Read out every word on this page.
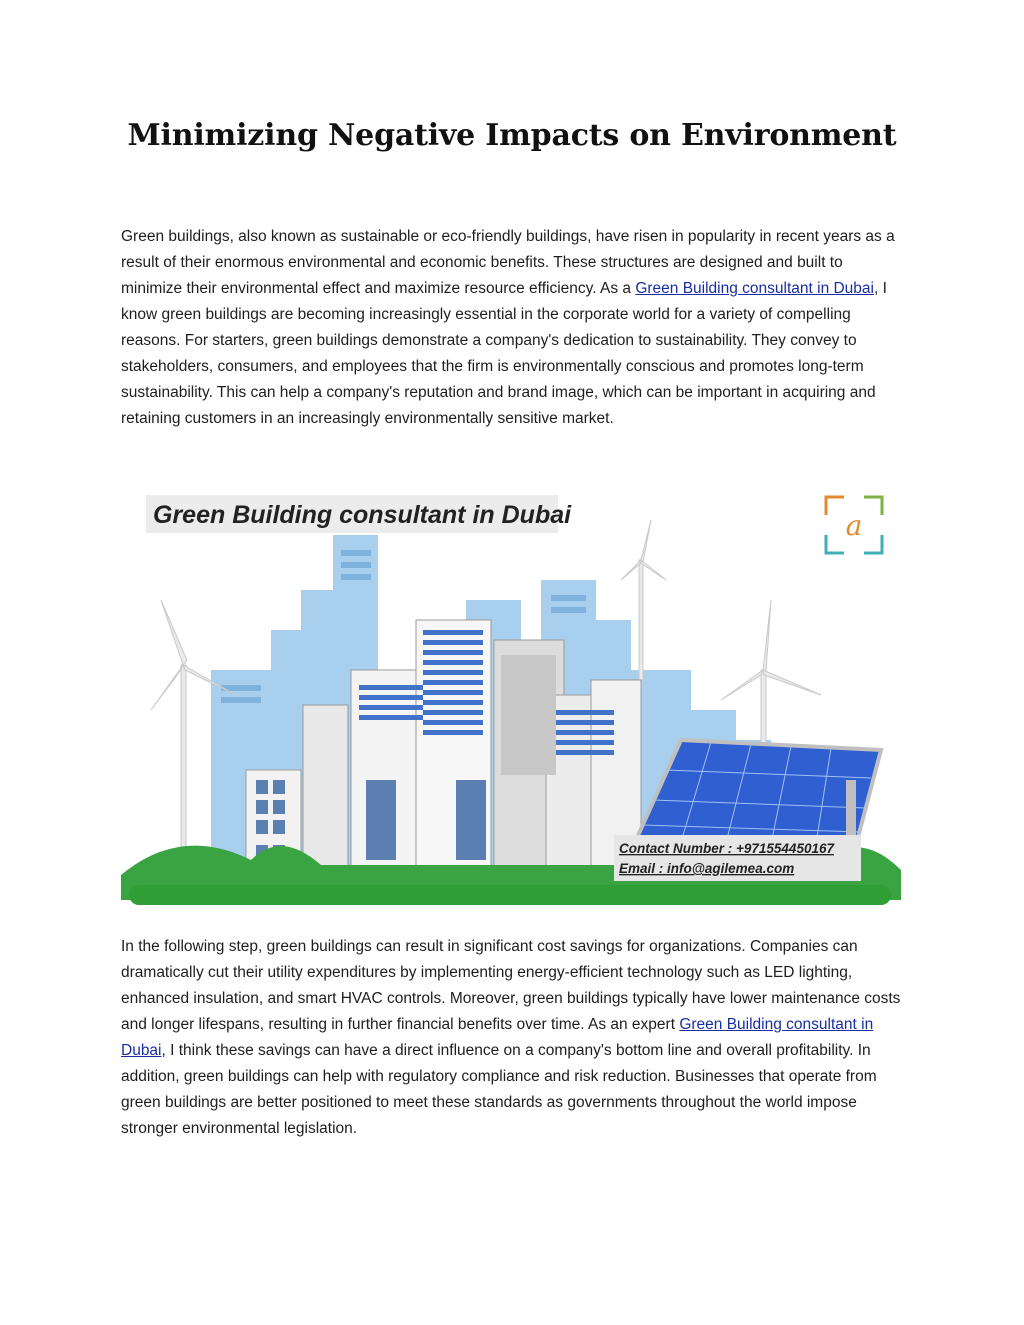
Minimizing Negative Impacts on Environment

Green buildings, also known as sustainable or eco-friendly buildings, have risen in popularity in recent years as a result of their enormous environmental and economic benefits. These structures are designed and built to minimize their environmental effect and maximize resource efficiency. As a Green Building consultant in Dubai, I know green buildings are becoming increasingly essential in the corporate world for a variety of compelling reasons. For starters, green buildings demonstrate a company's dedication to sustainability. They convey to stakeholders, consumers, and employees that the firm is environmentally conscious and promotes long-term sustainability. This can help a company's reputation and brand image, which can be important in acquiring and retaining customers in an increasingly environmentally sensitive market.

Green Building consultant in Dubai	a
Contact Number : +971554450167
Email : info@agilemea.com

In the following step, green buildings can result in significant cost savings for organizations. Companies can dramatically cut their utility expenditures by implementing energy-efficient technology such as LED lighting, enhanced insulation, and smart HVAC controls. Moreover, green buildings typically have lower maintenance costs and longer lifespans, resulting in further financial benefits over time. As an expert Green Building consultant in Dubai, I think these savings can have a direct influence on a company's bottom line and overall profitability. In addition, green buildings can help with regulatory compliance and risk reduction. Businesses that operate from green buildings are better positioned to meet these standards as governments throughout the world impose stronger environmental legislation.
